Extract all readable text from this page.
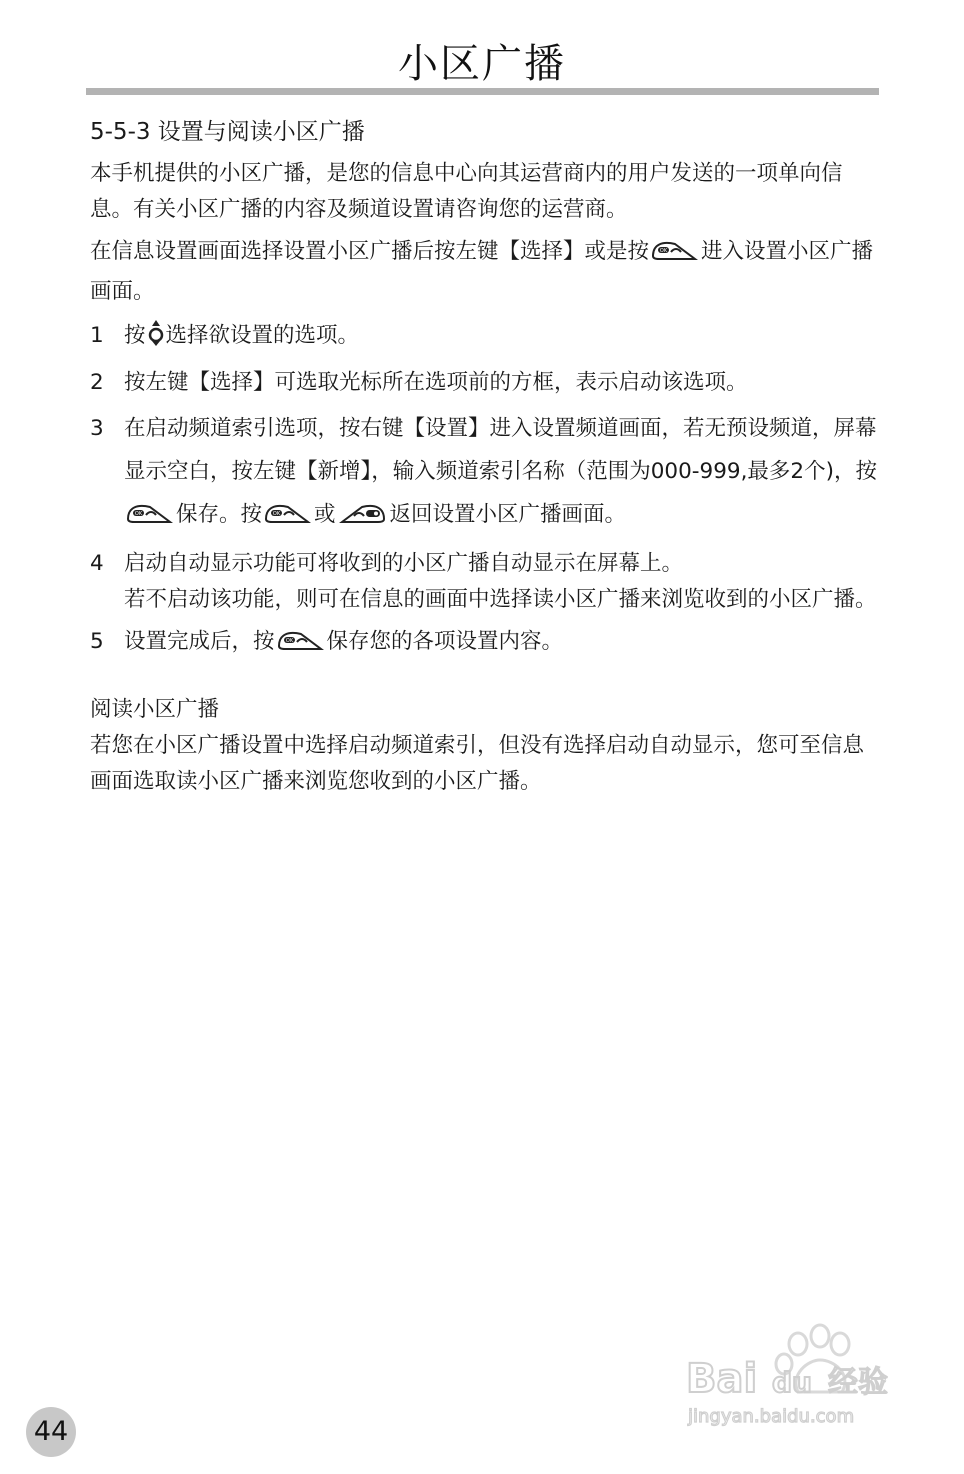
小区广播
5-5-3 设置与阅读小区广播
本手机提供的小区广播，是您的信息中心向其运营商内的用户发送的一项单向信息。有关小区广播的内容及频道设置请咨询您的运营商。
在信息设置画面选择设置小区广播后按左键【选择】或是按 OK 进入设置小区广播画面。
1 按 选择欲设置的选项。
2 按左键【选择】可选取光标所在选项前的方框，表示启动该选项。
3 在启动频道索引选项，按右键【设置】进入设置频道画面，若无预设频道，屏幕显示空白，按左键【新增】，输入频道索引名称（范围为000-999,最多2个)，按
OK 保存。按 OK 或	返回设置小区广播画面。
4 启动自动显示功能可将收到的小区广播自动显示在屏幕上。
若不启动该功能，则可在信息的画面中选择读小区广播来浏览收到的小区广播。
5 设置完成后，按 OK 保存您的各项设置内容。
阅读小区广播
若您在小区广播设置中选择启动频道索引，但没有选择启动自动显示，您可至信息画面选取读小区广播来浏览您收到的小区广播。
Bai du 经验
jingyan.baidu.com
44
